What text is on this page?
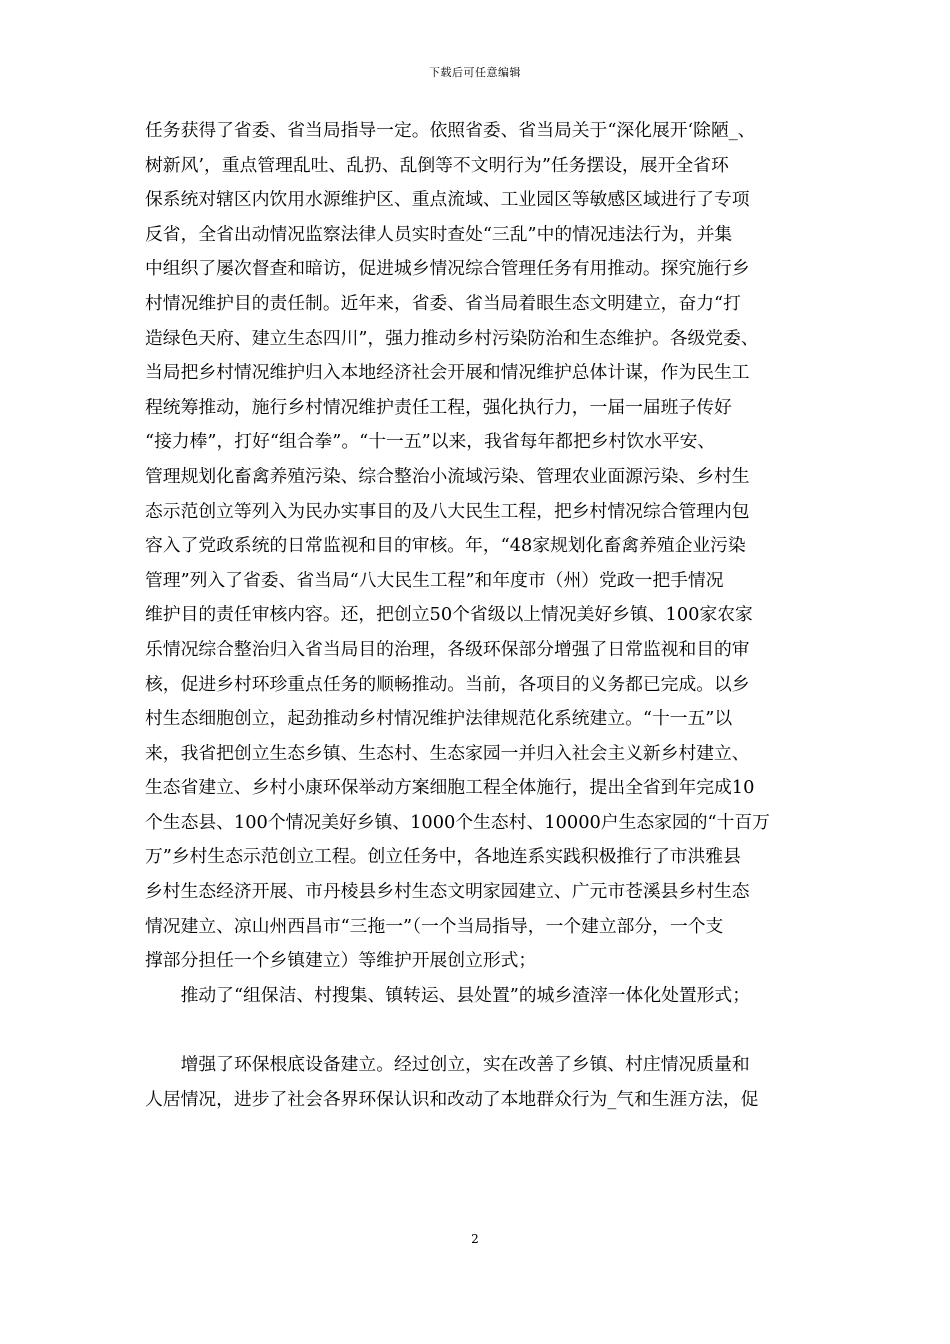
下载后可任意编辑
任务获得了省委、省当局指导一定。依照省委、省当局关于“深化展开‘除陋_、
树新风’，重点管理乱吐、乱扔、乱倒等不文明行为”任务摆设，展开全省环
保系统对辖区内饮用水源维护区、重点流域、工业园区等敏感区域进行了专项
反省，全省出动情况监察法律人员实时查处“三乱”中的情况违法行为，并集
中组织了屡次督查和暗访，促进城乡情况综合管理任务有用推动。探究施行乡
村情况维护目的责任制。近年来，省委、省当局着眼生态文明建立，奋力“打
造绿色天府、建立生态四川”，强力推动乡村污染防治和生态维护。各级党委、
当局把乡村情况维护归入本地经济社会开展和情况维护总体计谋，作为民生工
程统筹推动，施行乡村情况维护责任工程，强化执行力，一届一届班子传好
“接力棒”，打好“组合拳”。“十一五”以来，我省每年都把乡村饮水平安、
管理规划化畜禽养殖污染、综合整治小流域污染、管理农业面源污染、乡村生
态示范创立等列入为民办实事目的及八大民生工程，把乡村情况综合管理内包
容入了党政系统的日常监视和目的审核。年，“48家规划化畜禽养殖企业污染
管理”列入了省委、省当局“八大民生工程”和年度市（州）党政一把手情况
维护目的责任审核内容。还，把创立50个省级以上情况美好乡镇、100家农家
乐情况综合整治归入省当局目的治理，各级环保部分增强了日常监视和目的审
核，促进乡村环珍重点任务的顺畅推动。当前，各项目的义务都已完成。以乡
村生态细胞创立，起劲推动乡村情况维护法律规范化系统建立。“十一五”以
来，我省把创立生态乡镇、生态村、生态家园一并归入社会主义新乡村建立、
生态省建立、乡村小康环保举动方案细胞工程全体施行，提出全省到年完成10
个生态县、100个情况美好乡镇、1000个生态村、10000户生态家园的“十百万
万”乡村生态示范创立工程。创立任务中，各地连系实践积极推行了市洪雅县
乡村生态经济开展、市丹棱县乡村生态文明家园建立、广元市苍溪县乡村生态
情况建立、凉山州西昌市“三拖一”（一个当局指导，一个建立部分，一个支
撑部分担任一个乡镇建立）等维护开展创立形式；
推动了“组保洁、村搜集、镇转运、县处置”的城乡渣滓一体化处置形式；
增强了环保根底设备建立。经过创立，实在改善了乡镇、村庄情况质量和
人居情况，进步了社会各界环保认识和改动了本地群众行为_气和生涯方法，促
2
